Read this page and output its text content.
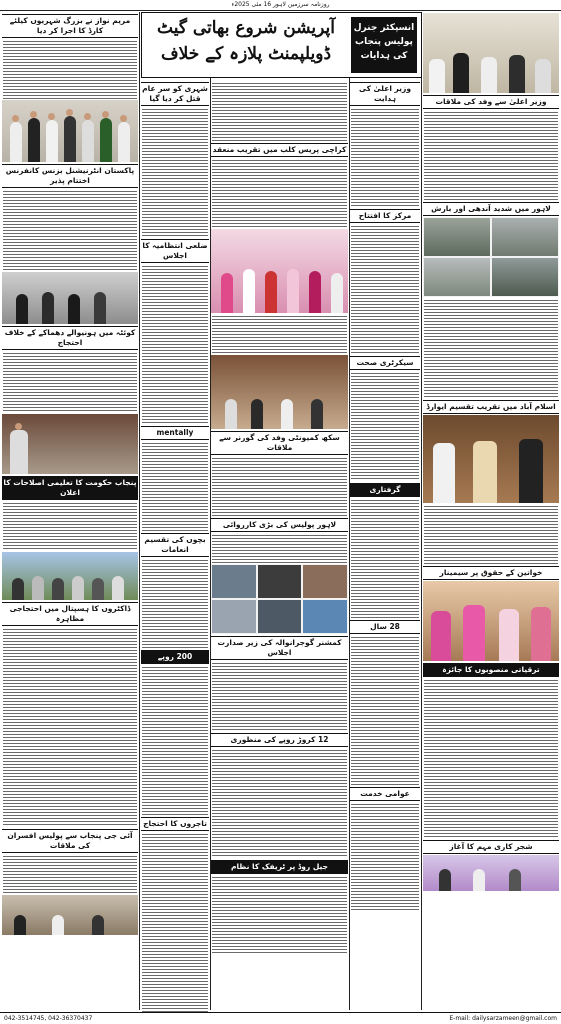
روزنامہ سرزمین لاہور 16 مئی 2025ء
مریم نواز نے بزرگ شہریوں کیلئے کارڈ کا اجرا کر دیا
پاکستان انٹرنیشنل بزنس کانفرنس اختتام پذیر
کوئٹہ میں ہونیوالے دھماکے کے خلاف احتجاج
پنجاب حکومت کا تعلیمی اصلاحات کا اعلان
ڈاکٹروں کا ہسپتال میں احتجاجی مظاہرہ
آئی جی پنجاب سے پولیس افسران کی ملاقات
آپریشن شروع بھاتی گیٹ ڈویلپمنٹ پلازہ کے خلاف
انسپکٹر جنرل پولیس پنجاب کی ہدایات
شہری کو سر عام قتل کر دیا گیا
ضلعی انتظامیہ کا اجلاس
mentally
بچوں کی تقسیم انعامات
200 روپے
تاجروں کا احتجاج
کراچی پریس کلب میں تقریب منعقد
سکھ کمیونٹی وفد کی گورنر سے ملاقات
لاہور پولیس کی بڑی کارروائی
کمشنر گوجرانوالہ کی زیر صدارت اجلاس
12 کروڑ روپے کی منظوری
جیل روڈ پر ٹریفک کا نظام
وزیر اعلیٰ کی ہدایت
مرکز کا افتتاح
سیکرٹری صحت
گرفتاری
28 سال
عوامی خدمت
وزیر اعلیٰ سے وفد کی ملاقات
لاہور میں شدید آندھی اور بارش
اسلام آباد میں تقریب تقسیم ایوارڈ
خواتین کے حقوق پر سیمینار
ترقیاتی منصوبوں کا جائزہ
شجر کاری مہم کا آغاز
042-3514745, 042-36370437	E-mail: dailysarzameen@gmail.com
